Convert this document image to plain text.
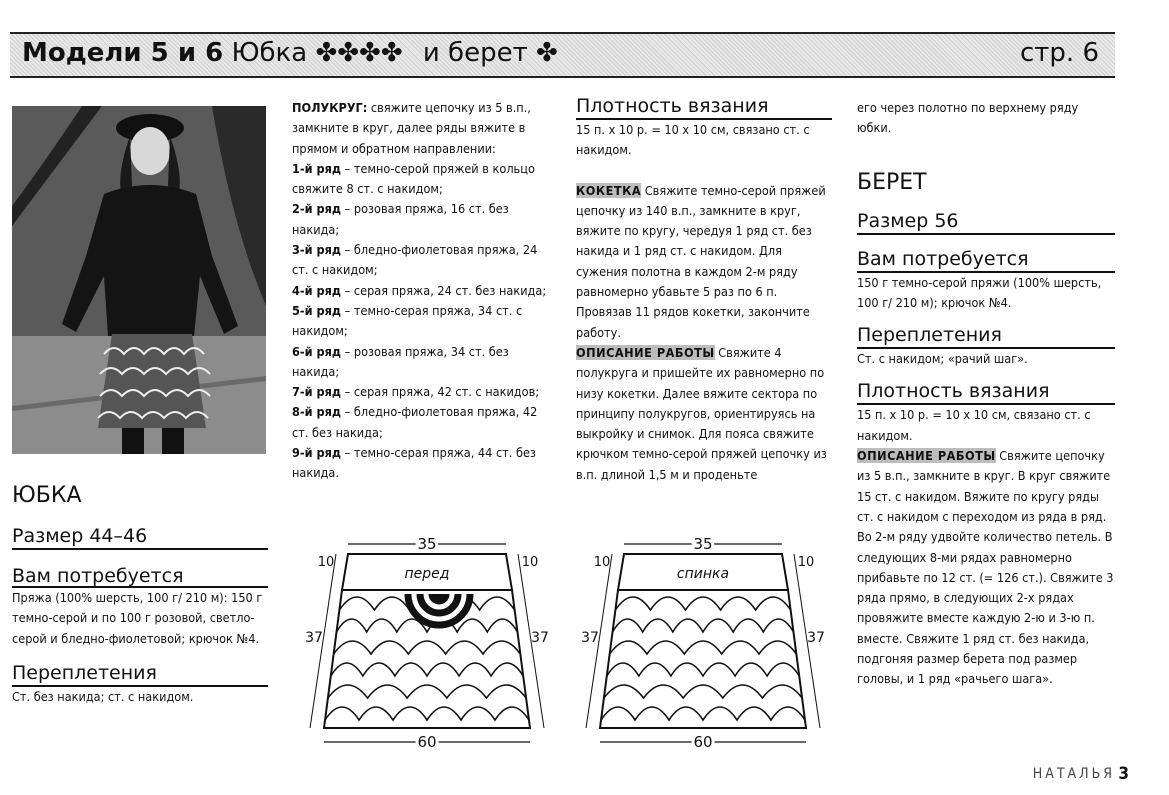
Модели 5 и 6 Юбка ✤✤✤✤ и берет ✤	стр. 6
ЮБКА
Размер 44–46
Вам потребуется

Пряжа (100% шерсть, 100 г/ 210 м): 150 г темно-серой и по 100 г розовой, светло-серой и бледно-фиолетовой; крючок №4.

Переплетения

Ст. без накида; ст. с накидом.

ПОЛУКРУГ: свяжите цепочку из 5 в.п., замкните в круг, далее ряды вяжите в прямом и обратном направлении:

1-й ряд – темно-серой пряжей в кольцо свяжите 8 ст. с накидом;

2-й ряд – розовая пряжа, 16 ст. без накида;

3-й ряд – бледно-фиолетовая пряжа, 24 ст. с накидом;

4-й ряд – серая пряжа, 24 ст. без накида;

5-й ряд – темно-серая пряжа, 34 ст. с накидом;

6-й ряд – розовая пряжа, 34 ст. без накида;

7-й ряд – серая пряжа, 42 ст. с накидов;

8-й ряд – бледно-фиолетовая пряжа, 42 ст. без накида;

9-й ряд – темно-серая пряжа, 44 ст. без накида.

Плотность вязания

15 п. х 10 р. = 10 х 10 см, связано ст. с накидом.

КОКЕТКА Свяжите темно-серой пряжей цепочку из 140 в.п., замкните в круг, вяжите по кругу, чередуя 1 ряд ст. без накида и 1 ряд ст. с накидом. Для сужения полотна в каждом 2-м ряду равномерно убавьте 5 раз по 6 п. Провязав 11 рядов кокетки, закончите работу.

ОПИСАНИЕ РАБОТЫ Свяжите 4 полукруга и пришейте их равномерно по низу кокетки. Далее вяжите сектора по принципу полукругов, ориентируясь на выкройку и снимок. Для пояса свяжите крючком темно-серой пряжей цепочку из в.п. длиной 1,5 м и проденьте

его через полотно по верхнему ряду юбки.

БЕРЕТ
Размер 56
Вам потребуется

150 г темно-серой пряжи (100% шерсть, 100 г/ 210 м); крючок №4.

Переплетения

Ст. с накидом; «рачий шаг».

Плотность вязания

15 п. х 10 р. = 10 х 10 см, связано ст. с накидом.

ОПИСАНИЕ РАБОТЫ Свяжите цепочку из 5 в.п., замкните в круг. В круг свяжите 15 ст. с накидом. Вяжите по кругу ряды ст. с накидом с переходом из ряда в ряд. Во 2-м ряду удвойте количество петель. В следующих 8-ми рядах равномерно прибавьте по 12 ст. (= 126 ст.). Свяжите 3 ряда прямо, в следующих 2-х рядах провяжите вместе каждую 2-ю и 3-ю п. вместе. Свяжите 1 ряд ст. без накида, подгоняя размер берета под размер головы, и 1 ряд «рачьего шага».

35
перед
10	10
37	37
60
35
спинка
10	10
37	37
60
НАТАЛЬЯ 3
